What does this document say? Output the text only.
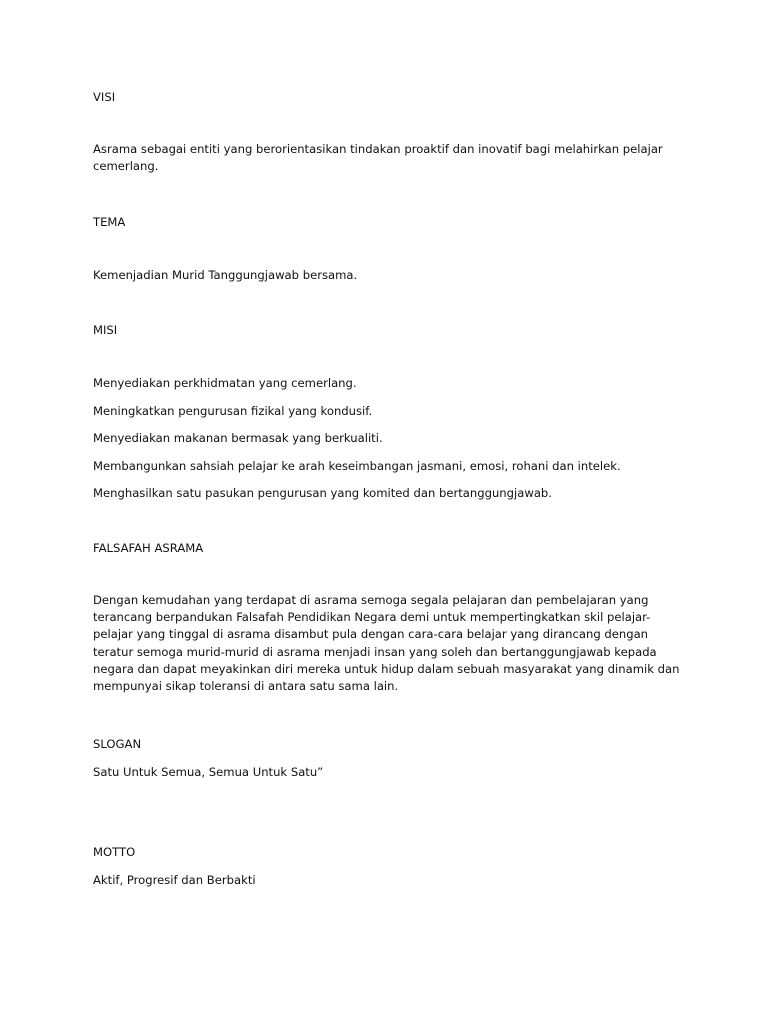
VISI
Asrama sebagai entiti yang berorientasikan tindakan proaktif dan inovatif bagi melahirkan pelajar
cemerlang.
TEMA
Kemenjadian Murid Tanggungjawab bersama.
MISI
Menyediakan perkhidmatan yang cemerlang.
Meningkatkan pengurusan fizikal yang kondusif.
Menyediakan makanan bermasak yang berkualiti.
Membangunkan sahsiah pelajar ke arah keseimbangan jasmani, emosi, rohani dan intelek.
Menghasilkan satu pasukan pengurusan yang komited dan bertanggungjawab.
FALSAFAH ASRAMA
Dengan kemudahan yang terdapat di asrama semoga segala pelajaran dan pembelajaran yang
terancang berpandukan Falsafah Pendidikan Negara demi untuk mempertingkatkan skil pelajar-
pelajar yang tinggal di asrama disambut pula dengan cara-cara belajar yang dirancang dengan
teratur semoga murid-murid di asrama menjadi insan yang soleh dan bertanggungjawab kepada
negara dan dapat meyakinkan diri mereka untuk hidup dalam sebuah masyarakat yang dinamik dan
mempunyai sikap toleransi di antara satu sama lain.
SLOGAN
Satu Untuk Semua, Semua Untuk Satu”
MOTTO
Aktif, Progresif dan Berbakti
